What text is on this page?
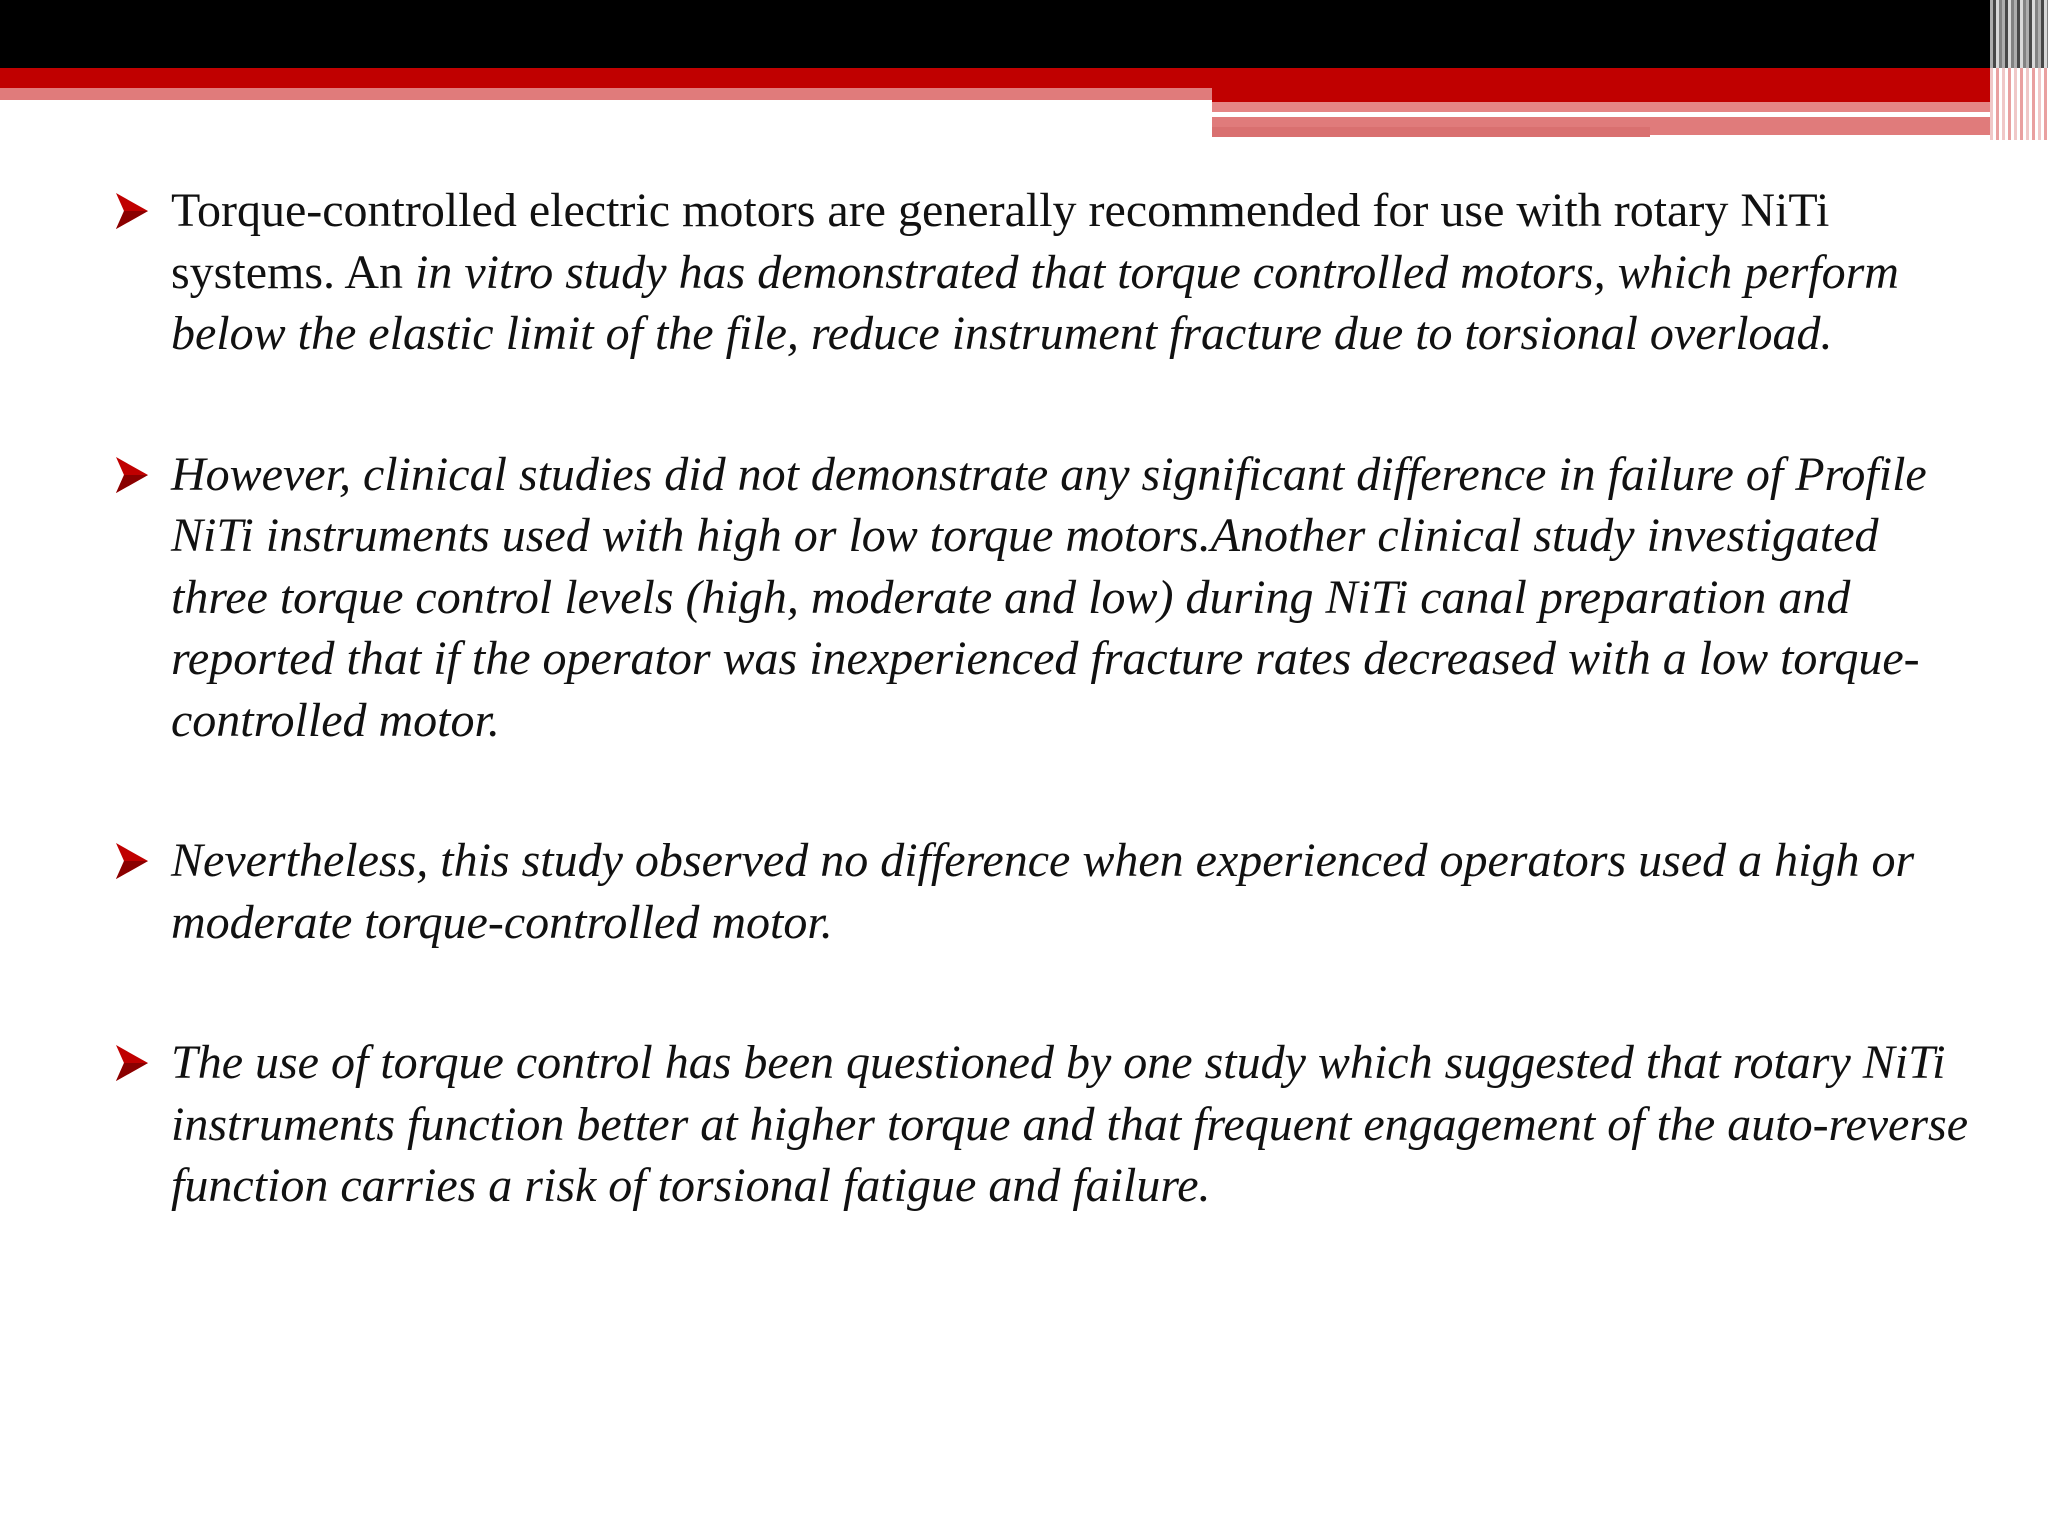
Torque-controlled electric motors are generally recommended for use with rotary NiTi systems. An in vitro study has demonstrated that torque controlled motors, which perform below the elastic limit of the file, reduce instrument fracture due to torsional overload.

However, clinical studies did not demonstrate any significant difference in failure of Profile NiTi instruments used with high or low torque motors.Another clinical study investigated three torque control levels (high, moderate and low) during NiTi canal preparation and reported that if the operator was inexperienced fracture rates decreased with a low torque-controlled motor.

Nevertheless, this study observed no difference when experienced operators used a high or moderate torque-controlled motor.

The use of torque control has been questioned by one study which suggested that rotary NiTi instruments function better at higher torque and that frequent engagement of the auto-reverse function carries a risk of torsional fatigue and failure.
